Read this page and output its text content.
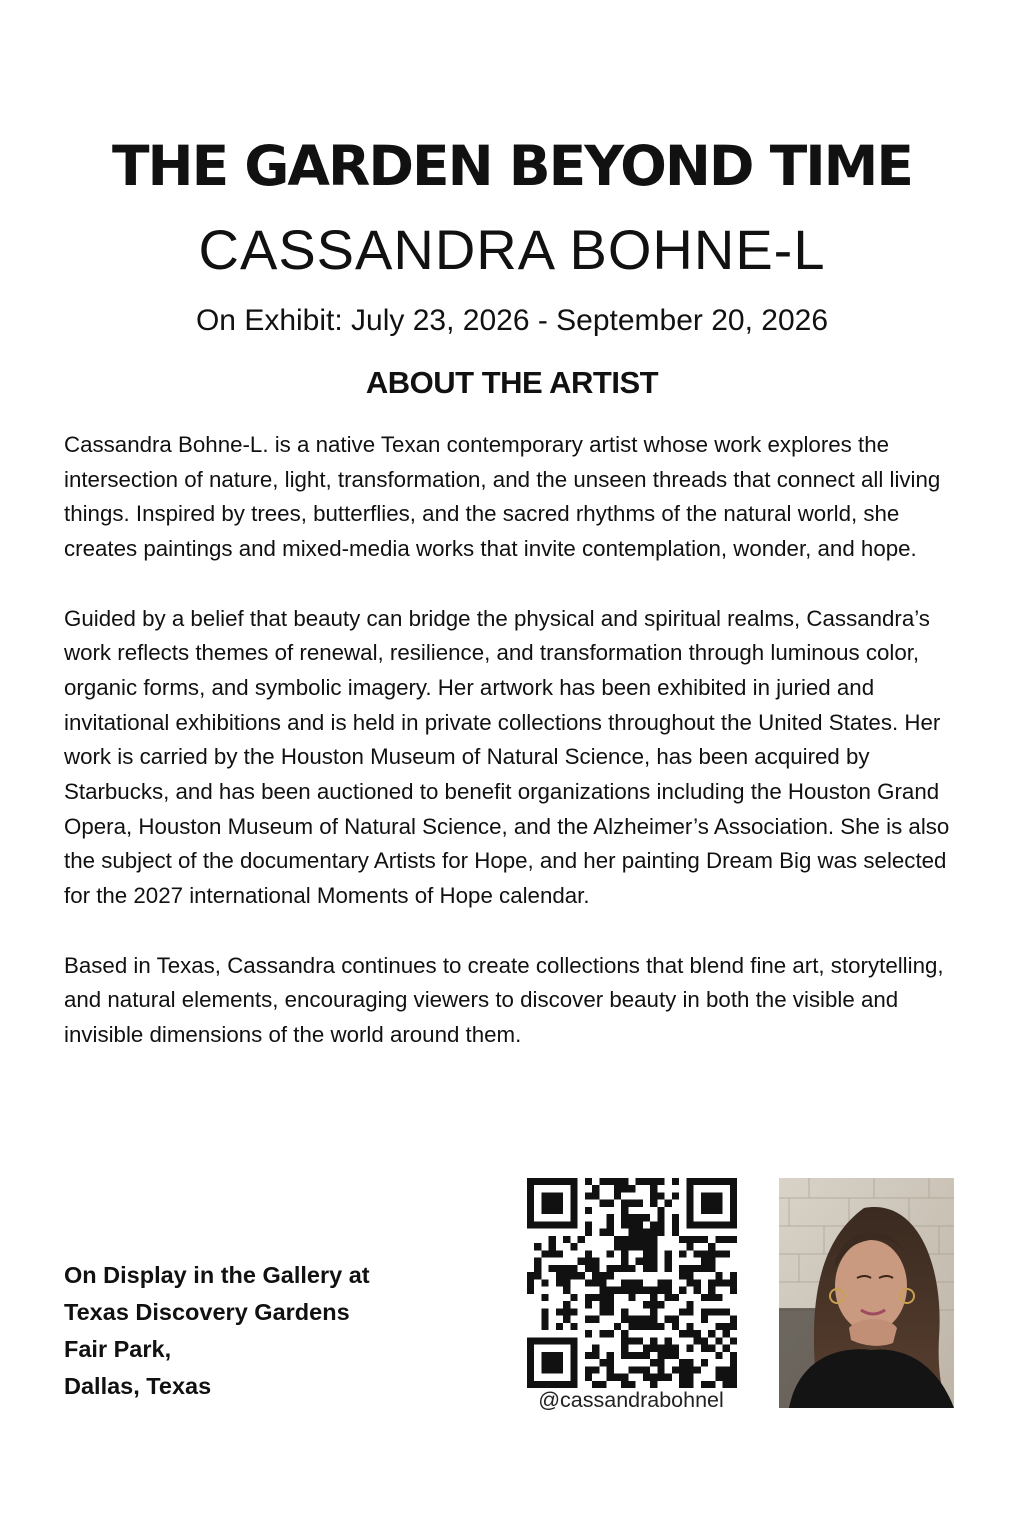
THE GARDEN BEYOND TIME
CASSANDRA BOHNE-L
On Exhibit: July 23, 2026 - September 20, 2026
ABOUT THE ARTIST

Cassandra Bohne-L. is a native Texan contemporary artist whose work explores the intersection of nature, light, transformation, and the unseen threads that connect all living things. Inspired by trees, butterflies, and the sacred rhythms of the natural world, she creates paintings and mixed-media works that invite contemplation, wonder, and hope.

Guided by a belief that beauty can bridge the physical and spiritual realms, Cassandra’s work reflects themes of renewal, resilience, and transformation through luminous color, organic forms, and symbolic imagery. Her artwork has been exhibited in juried and invitational exhibitions and is held in private collections throughout the United States. Her work is carried by the Houston Museum of Natural Science, has been acquired by Starbucks, and has been auctioned to benefit organizations including the Houston Grand Opera, Houston Museum of Natural Science, and the Alzheimer’s Association. She is also the subject of the documentary Artists for Hope, and her painting Dream Big was selected for the 2027 international Moments of Hope calendar.

Based in Texas, Cassandra continues to create collections that blend fine art, storytelling, and natural elements, encouraging viewers to discover beauty in both the visible and invisible dimensions of the world around them.

On Display in the Gallery at
Texas Discovery Gardens
Fair Park,
Dallas, Texas
@cassandrabohnel
